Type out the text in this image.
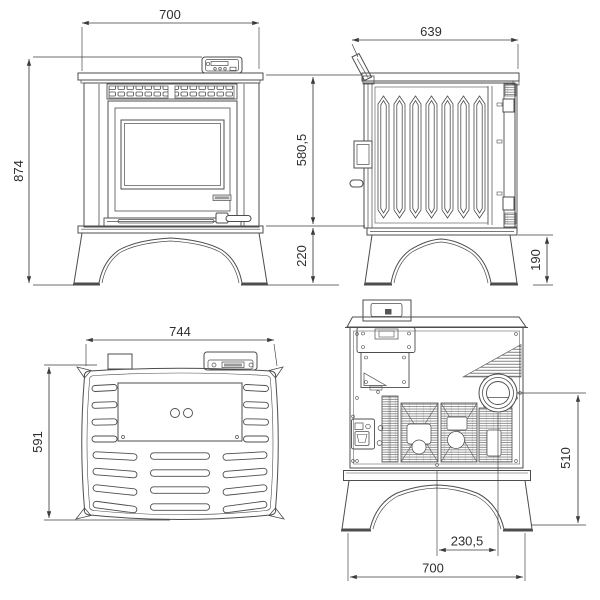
700
874
639
580,5
220	190
744
591
230,5
700
510
